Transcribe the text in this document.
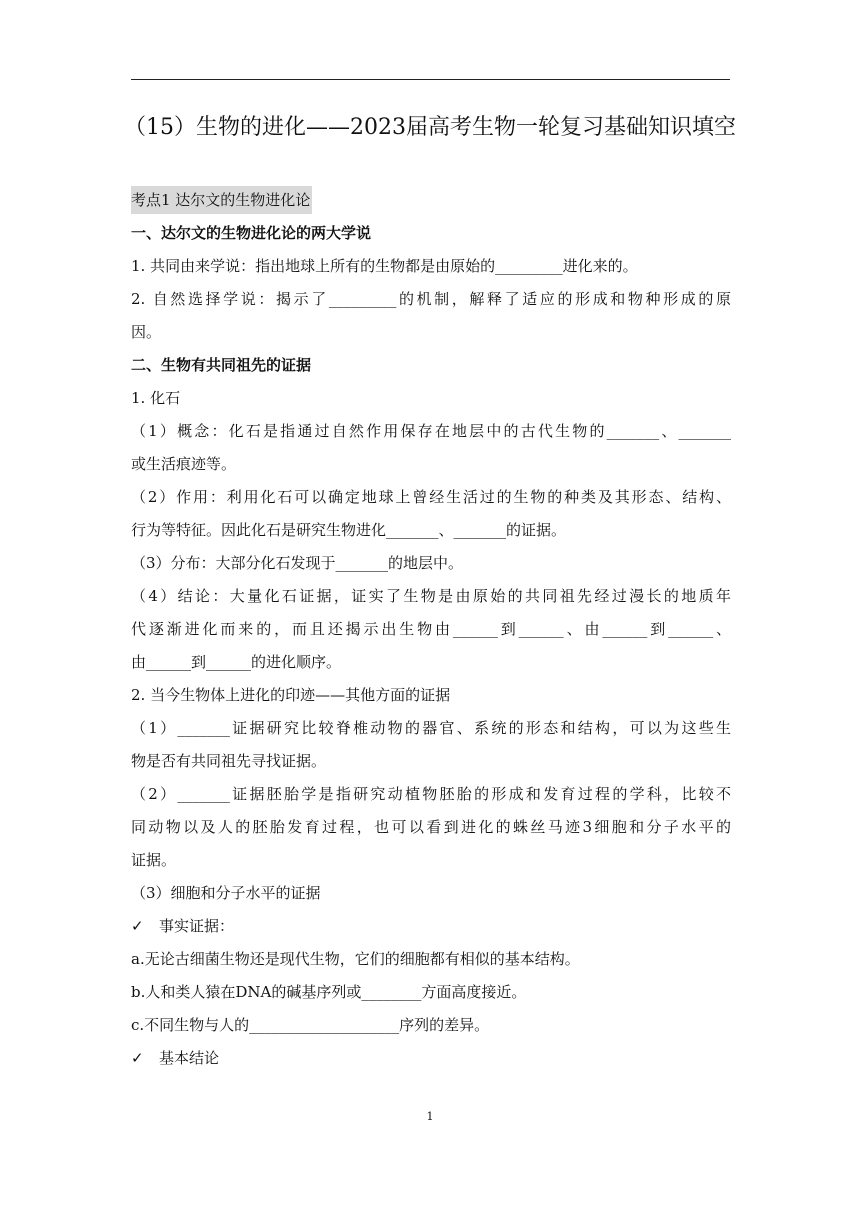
（15）生物的进化——2023届高考生物一轮复习基础知识填空
考点1 达尔文的生物进化论
一、达尔文的生物进化论的两大学说
1. 共同由来学说：指出地球上所有的生物都是由原始的_________进化来的。
2. 自然选择学说：揭示了_________的机制，解释了适应的形成和物种形成的原
因。
二、生物有共同祖先的证据
1. 化石
（1）概念：化石是指通过自然作用保存在地层中的古代生物的_______、_______
或生活痕迹等。
（2）作用：利用化石可以确定地球上曾经生活过的生物的种类及其形态、结构、
行为等特征。因此化石是研究生物进化_______、_______的证据。
（3）分布：大部分化石发现于_______的地层中。
（4）结论：大量化石证据，证实了生物是由原始的共同祖先经过漫长的地质年
代逐渐进化而来的，而且还揭示出生物由______到______、由______到______、
由______到______的进化顺序。
2. 当今生物体上进化的印迹——其他方面的证据
（1）_______证据研究比较脊椎动物的器官、系统的形态和结构，可以为这些生
物是否有共同祖先寻找证据。
（2）_______证据胚胎学是指研究动植物胚胎的形成和发育过程的学科，比较不
同动物以及人的胚胎发育过程，也可以看到进化的蛛丝马迹3细胞和分子水平的
证据。
（3）细胞和分子水平的证据
✓ 事实证据：
a.无论古细菌生物还是现代生物，它们的细胞都有相似的基本结构。
b.人和类人猿在DNA的碱基序列或________方面高度接近。
c.不同生物与人的____________________序列的差异。
✓ 基本结论
1
